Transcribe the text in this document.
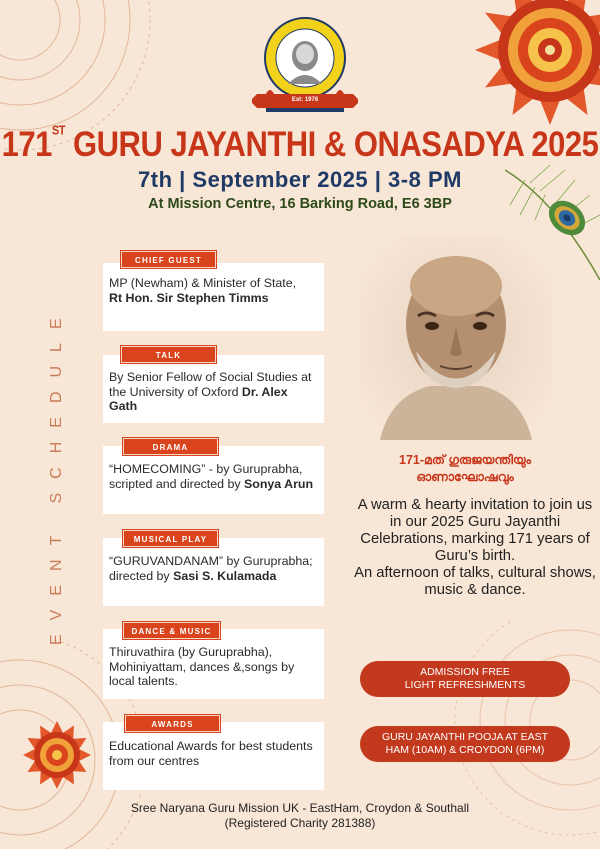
Est: 1976
171ST GURU JAYANTHI & ONASADYA 2025
7th | September 2025 | 3-8 PM
At Mission Centre, 16 Barking Road, E6 3BP
EVENT SCHEDULE
MP (Newham) & Minister of State,
Rt Hon. Sir Stephen Timms
CHIEF GUEST
By Senior Fellow of Social Studies at the University of Oxford Dr. Alex Gath
TALK
“HOMECOMING” - by Guruprabha, scripted and directed by Sonya Arun
DRAMA
“GURUVANDANAM” by Guruprabha; directed by Sasi S. Kulamada
MUSICAL PLAY
Thiruvathira (by Guruprabha), Mohiniyattam, dances &,songs by local talents.
DANCE & MUSIC
Educational Awards for best students from our centres
AWARDS
171-മത് ഗുരുജയന്തിയും
ഓണാഘോഷവും
A warm & hearty invitation to join us in our 2025 Guru Jayanthi Celebrations, marking 171 years of Guru’s birth.
An afternoon of talks, cultural shows, music & dance.
ADMISSION FREE
LIGHT REFRESHMENTS
GURU JAYANTHI POOJA AT EAST
HAM (10AM) & CROYDON (6PM)
Sree Naryana Guru Mission UK - EastHam, Croydon & Southall
(Registered Charity 281388)
